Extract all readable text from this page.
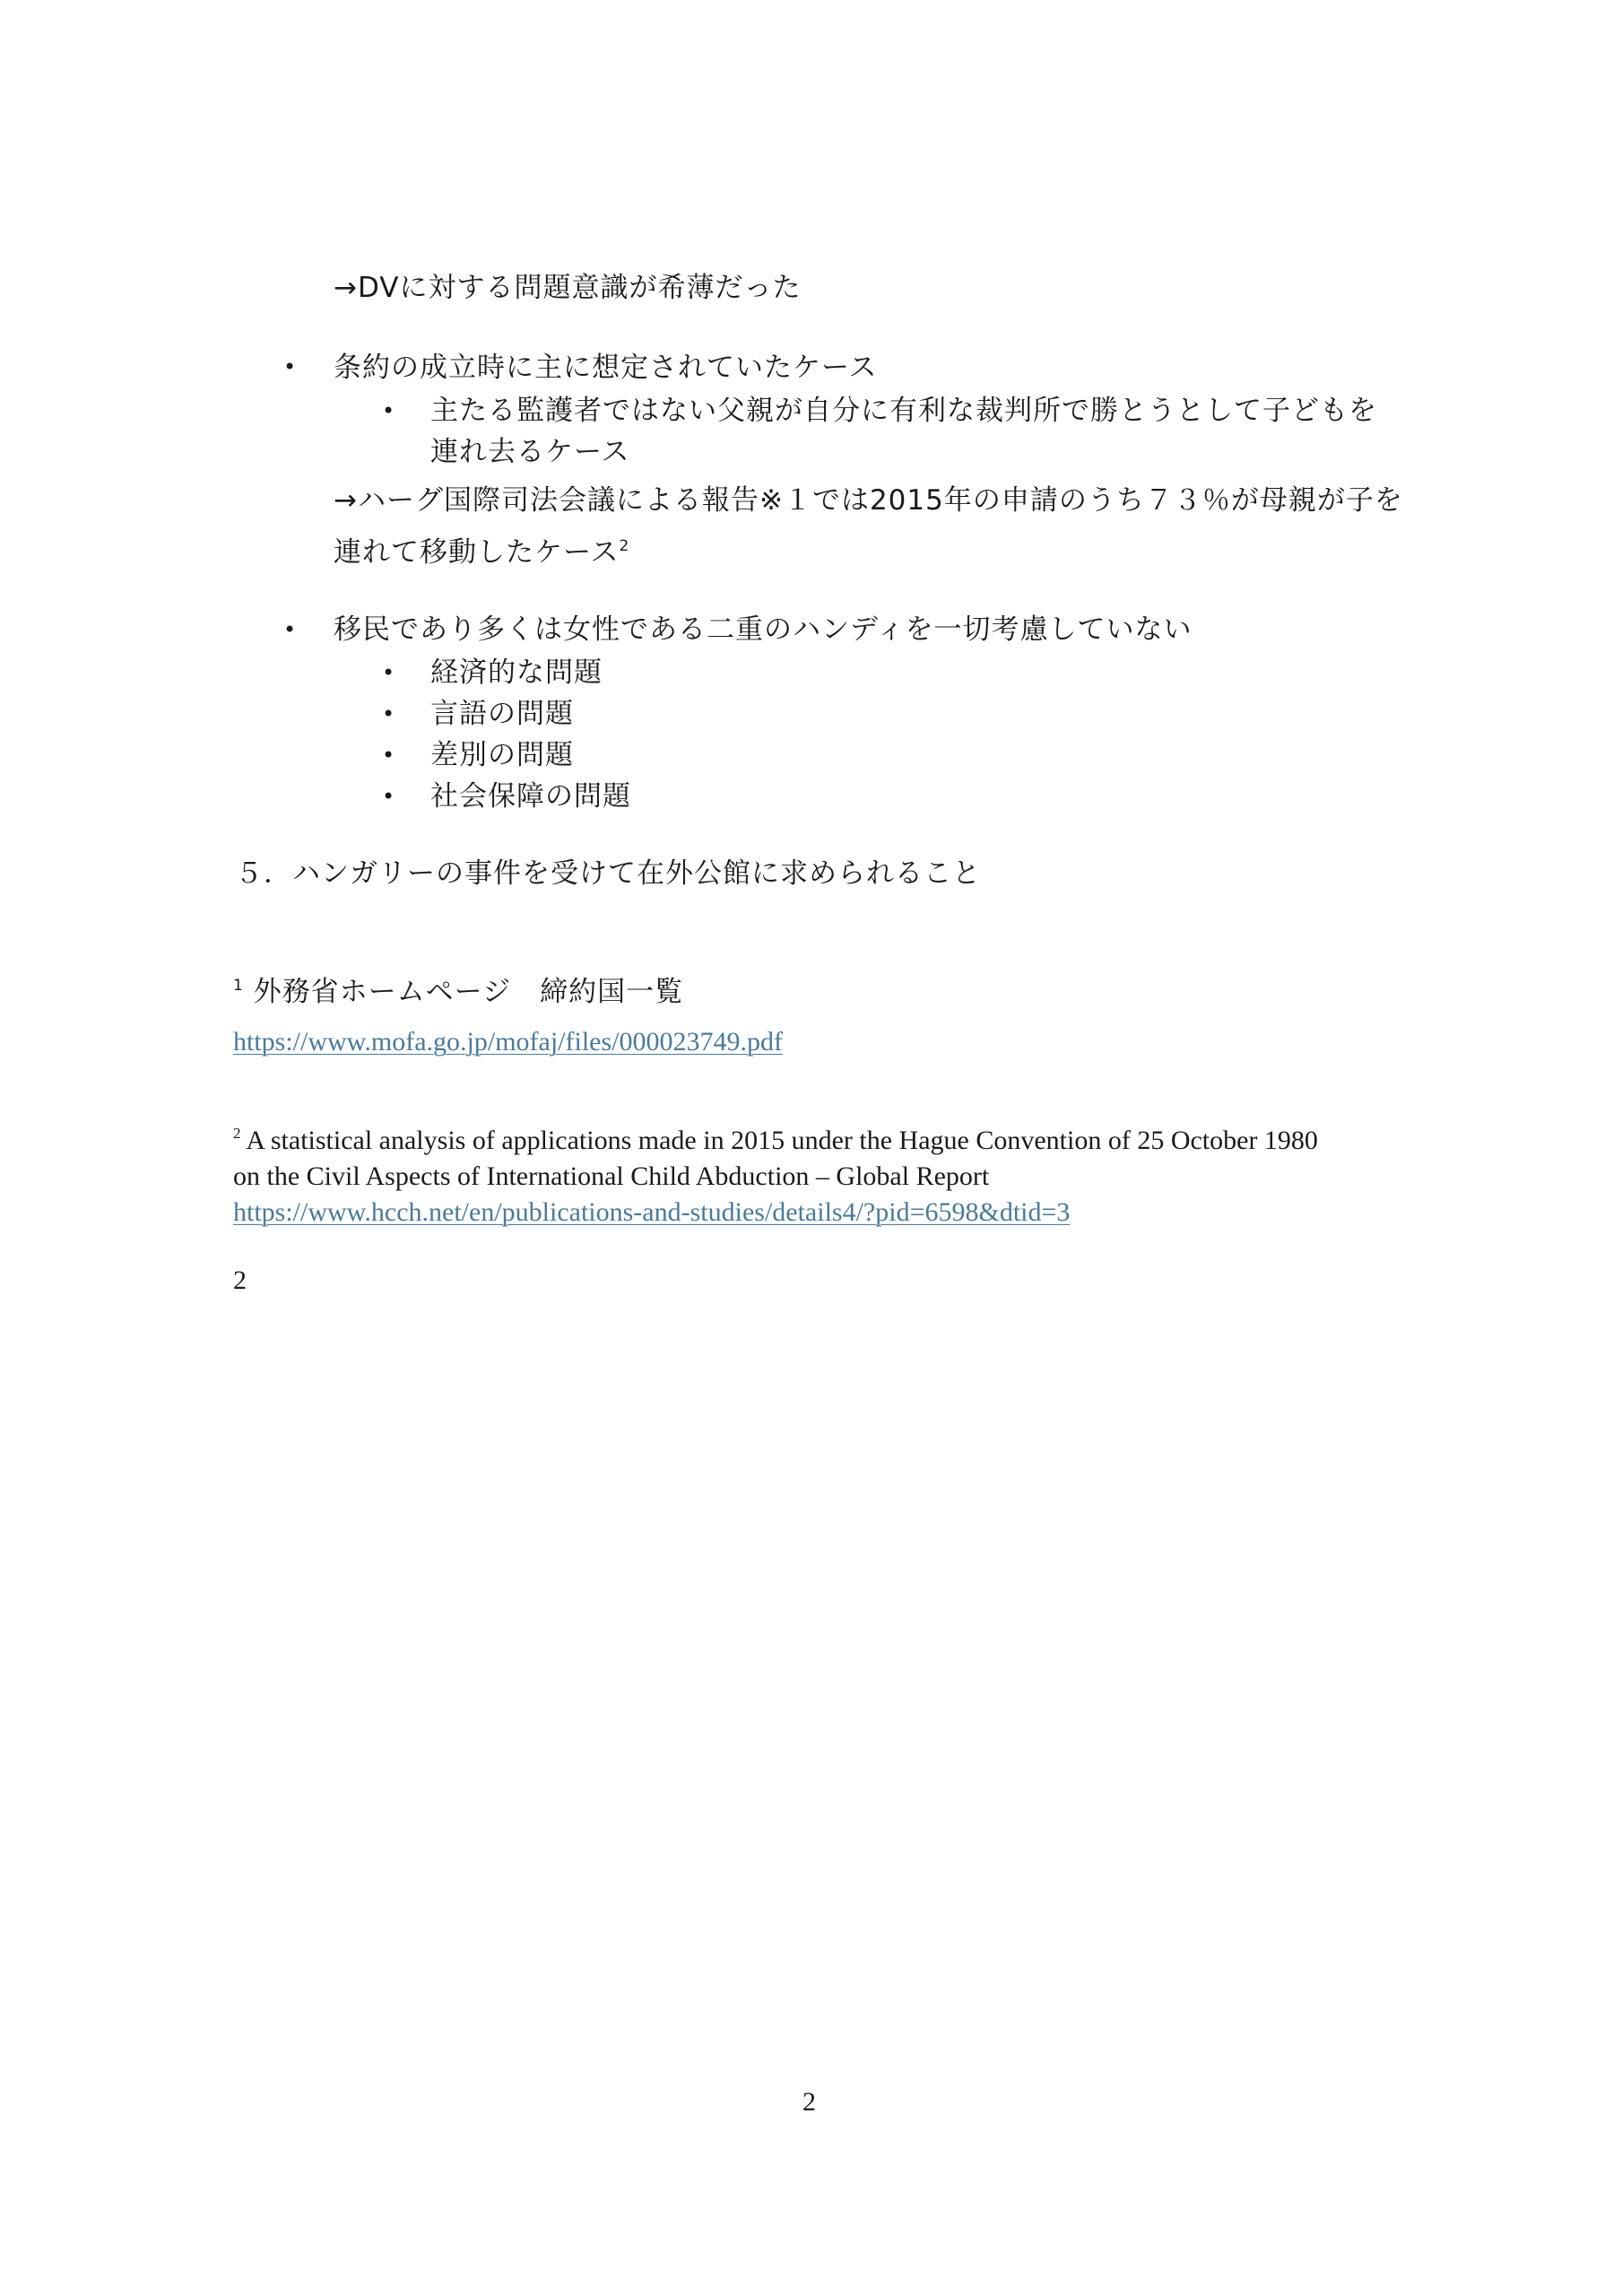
→DVに対する問題意識が希薄だった
• 条約の成立時に主に想定されていたケース
• 主たる監護者ではない父親が自分に有利な裁判所で勝とうとして子どもを
連れ去るケース
→ハーグ国際司法会議による報告※１では2015年の申請のうち７３％が母親が子を
連れて移動したケース$^2$
• 移民であり多くは女性である二重のハンディを一切考慮していない
• 経済的な問題
• 言語の問題
• 差別の問題
• 社会保障の問題
５．ハンガリーの事件を受けて在外公館に求められること
$^1$ 外務省ホームページ　締約国一覧
https://www.mofa.go.jp/mofaj/files/000023749.pdf
$^2$ A statistical analysis of applications made in 2015 under the Hague Convention of 25 October 1980
on the Civil Aspects of International Child Abduction – Global Report
https://www.hcch.net/en/publications-and-studies/details4/?pid=6598&dtid=3
2
2
